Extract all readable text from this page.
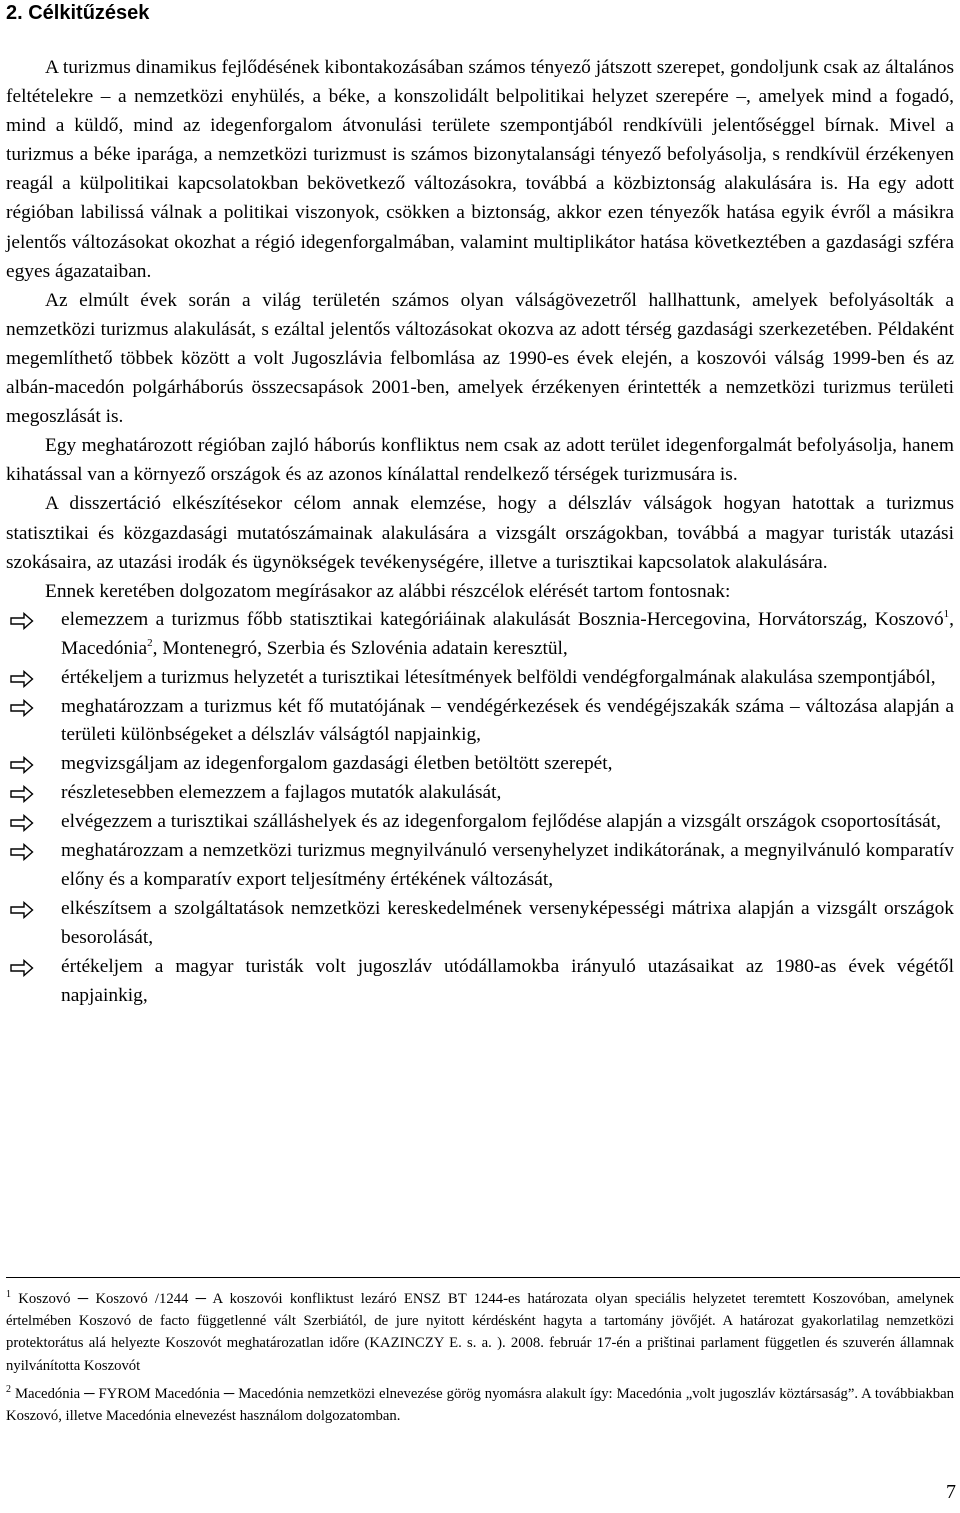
2. Célkitűzések

A turizmus dinamikus fejlődésének kibontakozásában számos tényező játszott szerepet, gondoljunk csak az általános feltételekre – a nemzetközi enyhülés, a béke, a konszolidált belpolitikai helyzet szerepére –, amelyek mind a fogadó, mind a küldő, mind az idegenforgalom átvonulási területe szempontjából rendkívüli jelentőséggel bírnak. Mivel a turizmus a béke iparága, a nemzetközi turizmust is számos bizonytalansági tényező befolyásolja, s rendkívül érzékenyen reagál a külpolitikai kapcsolatokban bekövetkező változásokra, továbbá a közbiztonság alakulására is. Ha egy adott régióban labilissá válnak a politikai viszonyok, csökken a biztonság, akkor ezen tényezők hatása egyik évről a másikra jelentős változásokat okozhat a régió idegenforgalmában, valamint multiplikátor hatása következtében a gazdasági szféra egyes ágazataiban.

Az elmúlt évek során a világ területén számos olyan válságövezetről hallhattunk, amelyek befolyásolták a nemzetközi turizmus alakulását, s ezáltal jelentős változásokat okozva az adott térség gazdasági szerkezetében. Példaként megemlíthető többek között a volt Jugoszlávia felbomlása az 1990-es évek elején, a koszovói válság 1999-ben és az albán-macedón polgárháborús összecsapások 2001-ben, amelyek érzékenyen érintették a nemzetközi turizmus területi megoszlását is.

Egy meghatározott régióban zajló háborús konfliktus nem csak az adott terület idegenforgalmát befolyásolja, hanem kihatással van a környező országok és az azonos kínálattal rendelkező térségek turizmusára is.

A disszertáció elkészítésekor célom annak elemzése, hogy a délszláv válságok hogyan hatottak a turizmus statisztikai és közgazdasági mutatószámainak alakulására a vizsgált országokban, továbbá a magyar turisták utazási szokásaira, az utazási irodák és ügynökségek tevékenységére, illetve a turisztikai kapcsolatok alakulására.

Ennek keretében dolgozatom megírásakor az alábbi részcélok elérését tartom fontosnak:

elemezzem a turizmus főbb statisztikai kategóriáinak alakulását Bosznia-Hercegovina, Horvátország, Koszovó$^1$, Macedónia$^2$, Montenegró, Szerbia és Szlovénia adatain keresztül,
értékeljem a turizmus helyzetét a turisztikai létesítmények belföldi vendégforgalmának alakulása szempontjából,
meghatározzam a turizmus két fő mutatójának – vendégérkezések és vendégéjszakák száma – változása alapján a területi különbségeket a délszláv válságtól napjainkig,
megvizsgáljam az idegenforgalom gazdasági életben betöltött szerepét,
részletesebben elemezzem a fajlagos mutatók alakulását,
elvégezzem a turisztikai szálláshelyek és az idegenforgalom fejlődése alapján a vizsgált országok csoportosítását,
meghatározzam a nemzetközi turizmus megnyilvánuló versenyhelyzet indikátorának, a megnyilvánuló komparatív előny és a komparatív export teljesítmény értékének változását,
elkészítsem a szolgáltatások nemzetközi kereskedelmének versenyképességi mátrixa alapján a vizsgált országok besorolását,
értékeljem a magyar turisták volt jugoszláv utódállamokba irányuló utazásaikat az 1980-as évek végétől napjainkig,

$^1$ Koszovó ─ Koszovó /1244 ─ A koszovói konfliktust lezáró ENSZ BT 1244-es határozata olyan speciális helyzetet teremtett Koszovóban, amelynek értelmében Koszovó de facto függetlenné vált Szerbiától, de jure nyitott kérdésként hagyta a tartomány jövőjét. A határozat gyakorlatilag nemzetközi protektorátus alá helyezte Koszovót meghatározatlan időre (KAZINCZY E. s. a. ). 2008. február 17-én a prištinai parlament független és szuverén államnak nyilvánította Koszovót

$^2$ Macedónia ─ FYROM Macedónia ─ Macedónia nemzetközi elnevezése görög nyomásra alakult így: Macedónia „volt jugoszláv köztársaság”. A továbbiakban Koszovó, illetve Macedónia elnevezést használom dolgozatomban.

7
